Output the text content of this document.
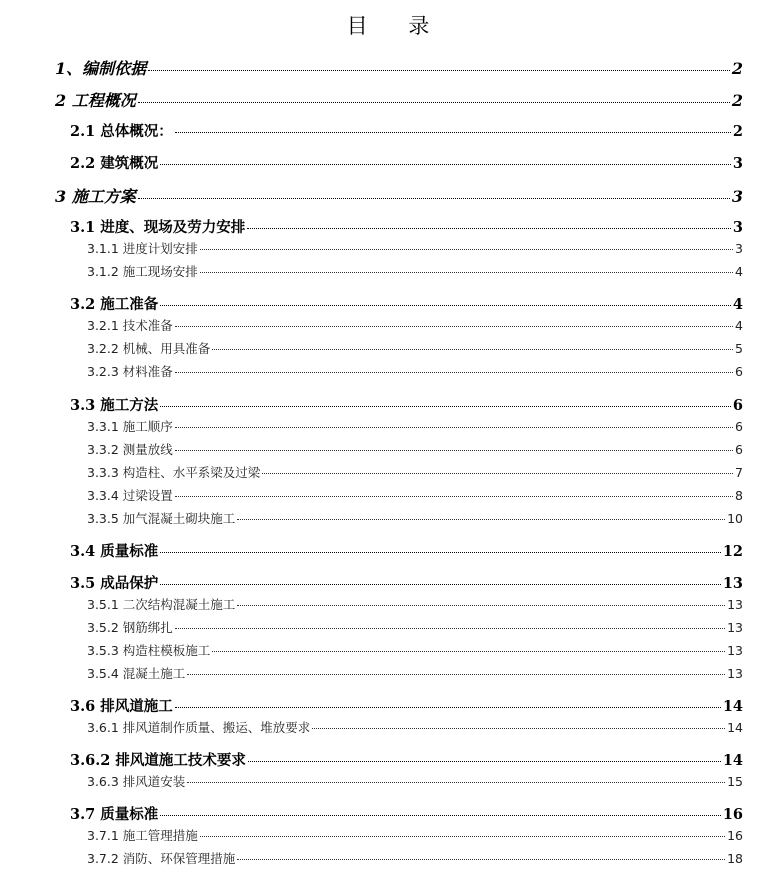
目 录
1、编制依据	2
2 工程概况	2
2.1 总体概况：	2
2.2 建筑概况	3
3 施工方案	3
3.1 进度、现场及劳力安排	3
3.1.1 进度计划安排	3
3.1.2 施工现场安排	4
3.2 施工准备	4
3.2.1 技术准备	4
3.2.2 机械、用具准备	5
3.2.3 材料准备	6
3.3 施工方法	6
3.3.1 施工顺序	6
3.3.2 测量放线	6
3.3.3 构造柱、水平系梁及过梁	7
3.3.4 过梁设置	8
3.3.5 加气混凝土砌块施工	10
3.4 质量标准	12
3.5 成品保护	13
3.5.1 二次结构混凝土施工	13
3.5.2 钢筋绑扎	13
3.5.3 构造柱模板施工	13
3.5.4 混凝土施工	13
3.6 排风道施工	14
3.6.1 排风道制作质量、搬运、堆放要求	14
3.6.2 排风道施工技术要求	14
3.6.3 排风道安装	15
3.7 质量标准	16
3.7.1 施工管理措施	16
3.7.2 消防、环保管理措施	18
